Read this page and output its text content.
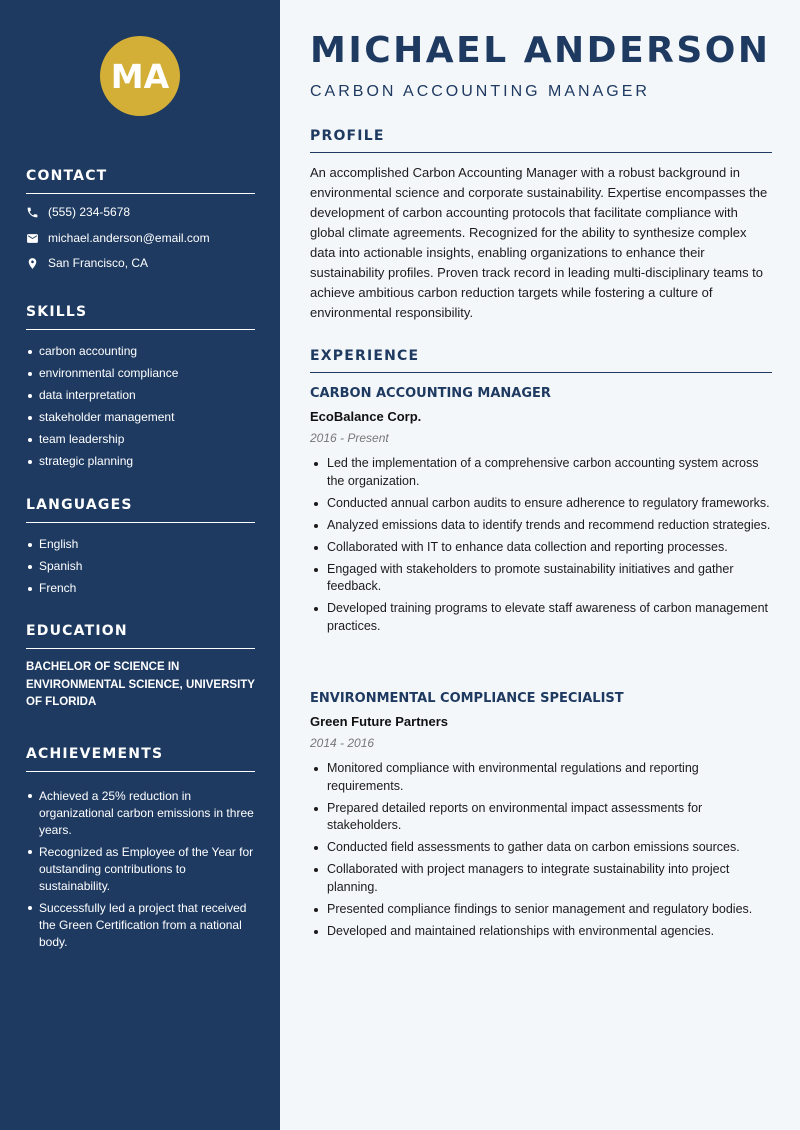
MA
CONTACT
(555) 234-5678
michael.anderson@email.com
San Francisco, CA
SKILLS
carbon accounting
environmental compliance
data interpretation
stakeholder management
team leadership
strategic planning
LANGUAGES
English
Spanish
French
EDUCATION
BACHELOR OF SCIENCE IN ENVIRONMENTAL SCIENCE, UNIVERSITY OF FLORIDA
ACHIEVEMENTS
Achieved a 25% reduction in organizational carbon emissions in three years.
Recognized as Employee of the Year for outstanding contributions to sustainability.
Successfully led a project that received the Green Certification from a national body.
MICHAEL ANDERSON
CARBON ACCOUNTING MANAGER
PROFILE
An accomplished Carbon Accounting Manager with a robust background in environmental science and corporate sustainability. Expertise encompasses the development of carbon accounting protocols that facilitate compliance with global climate agreements. Recognized for the ability to synthesize complex data into actionable insights, enabling organizations to enhance their sustainability profiles. Proven track record in leading multi-disciplinary teams to achieve ambitious carbon reduction targets while fostering a culture of environmental responsibility.
EXPERIENCE
CARBON ACCOUNTING MANAGER
EcoBalance Corp.
2016 - Present
Led the implementation of a comprehensive carbon accounting system across the organization.
Conducted annual carbon audits to ensure adherence to regulatory frameworks.
Analyzed emissions data to identify trends and recommend reduction strategies.
Collaborated with IT to enhance data collection and reporting processes.
Engaged with stakeholders to promote sustainability initiatives and gather feedback.
Developed training programs to elevate staff awareness of carbon management practices.
ENVIRONMENTAL COMPLIANCE SPECIALIST
Green Future Partners
2014 - 2016
Monitored compliance with environmental regulations and reporting requirements.
Prepared detailed reports on environmental impact assessments for stakeholders.
Conducted field assessments to gather data on carbon emissions sources.
Collaborated with project managers to integrate sustainability into project planning.
Presented compliance findings to senior management and regulatory bodies.
Developed and maintained relationships with environmental agencies.
